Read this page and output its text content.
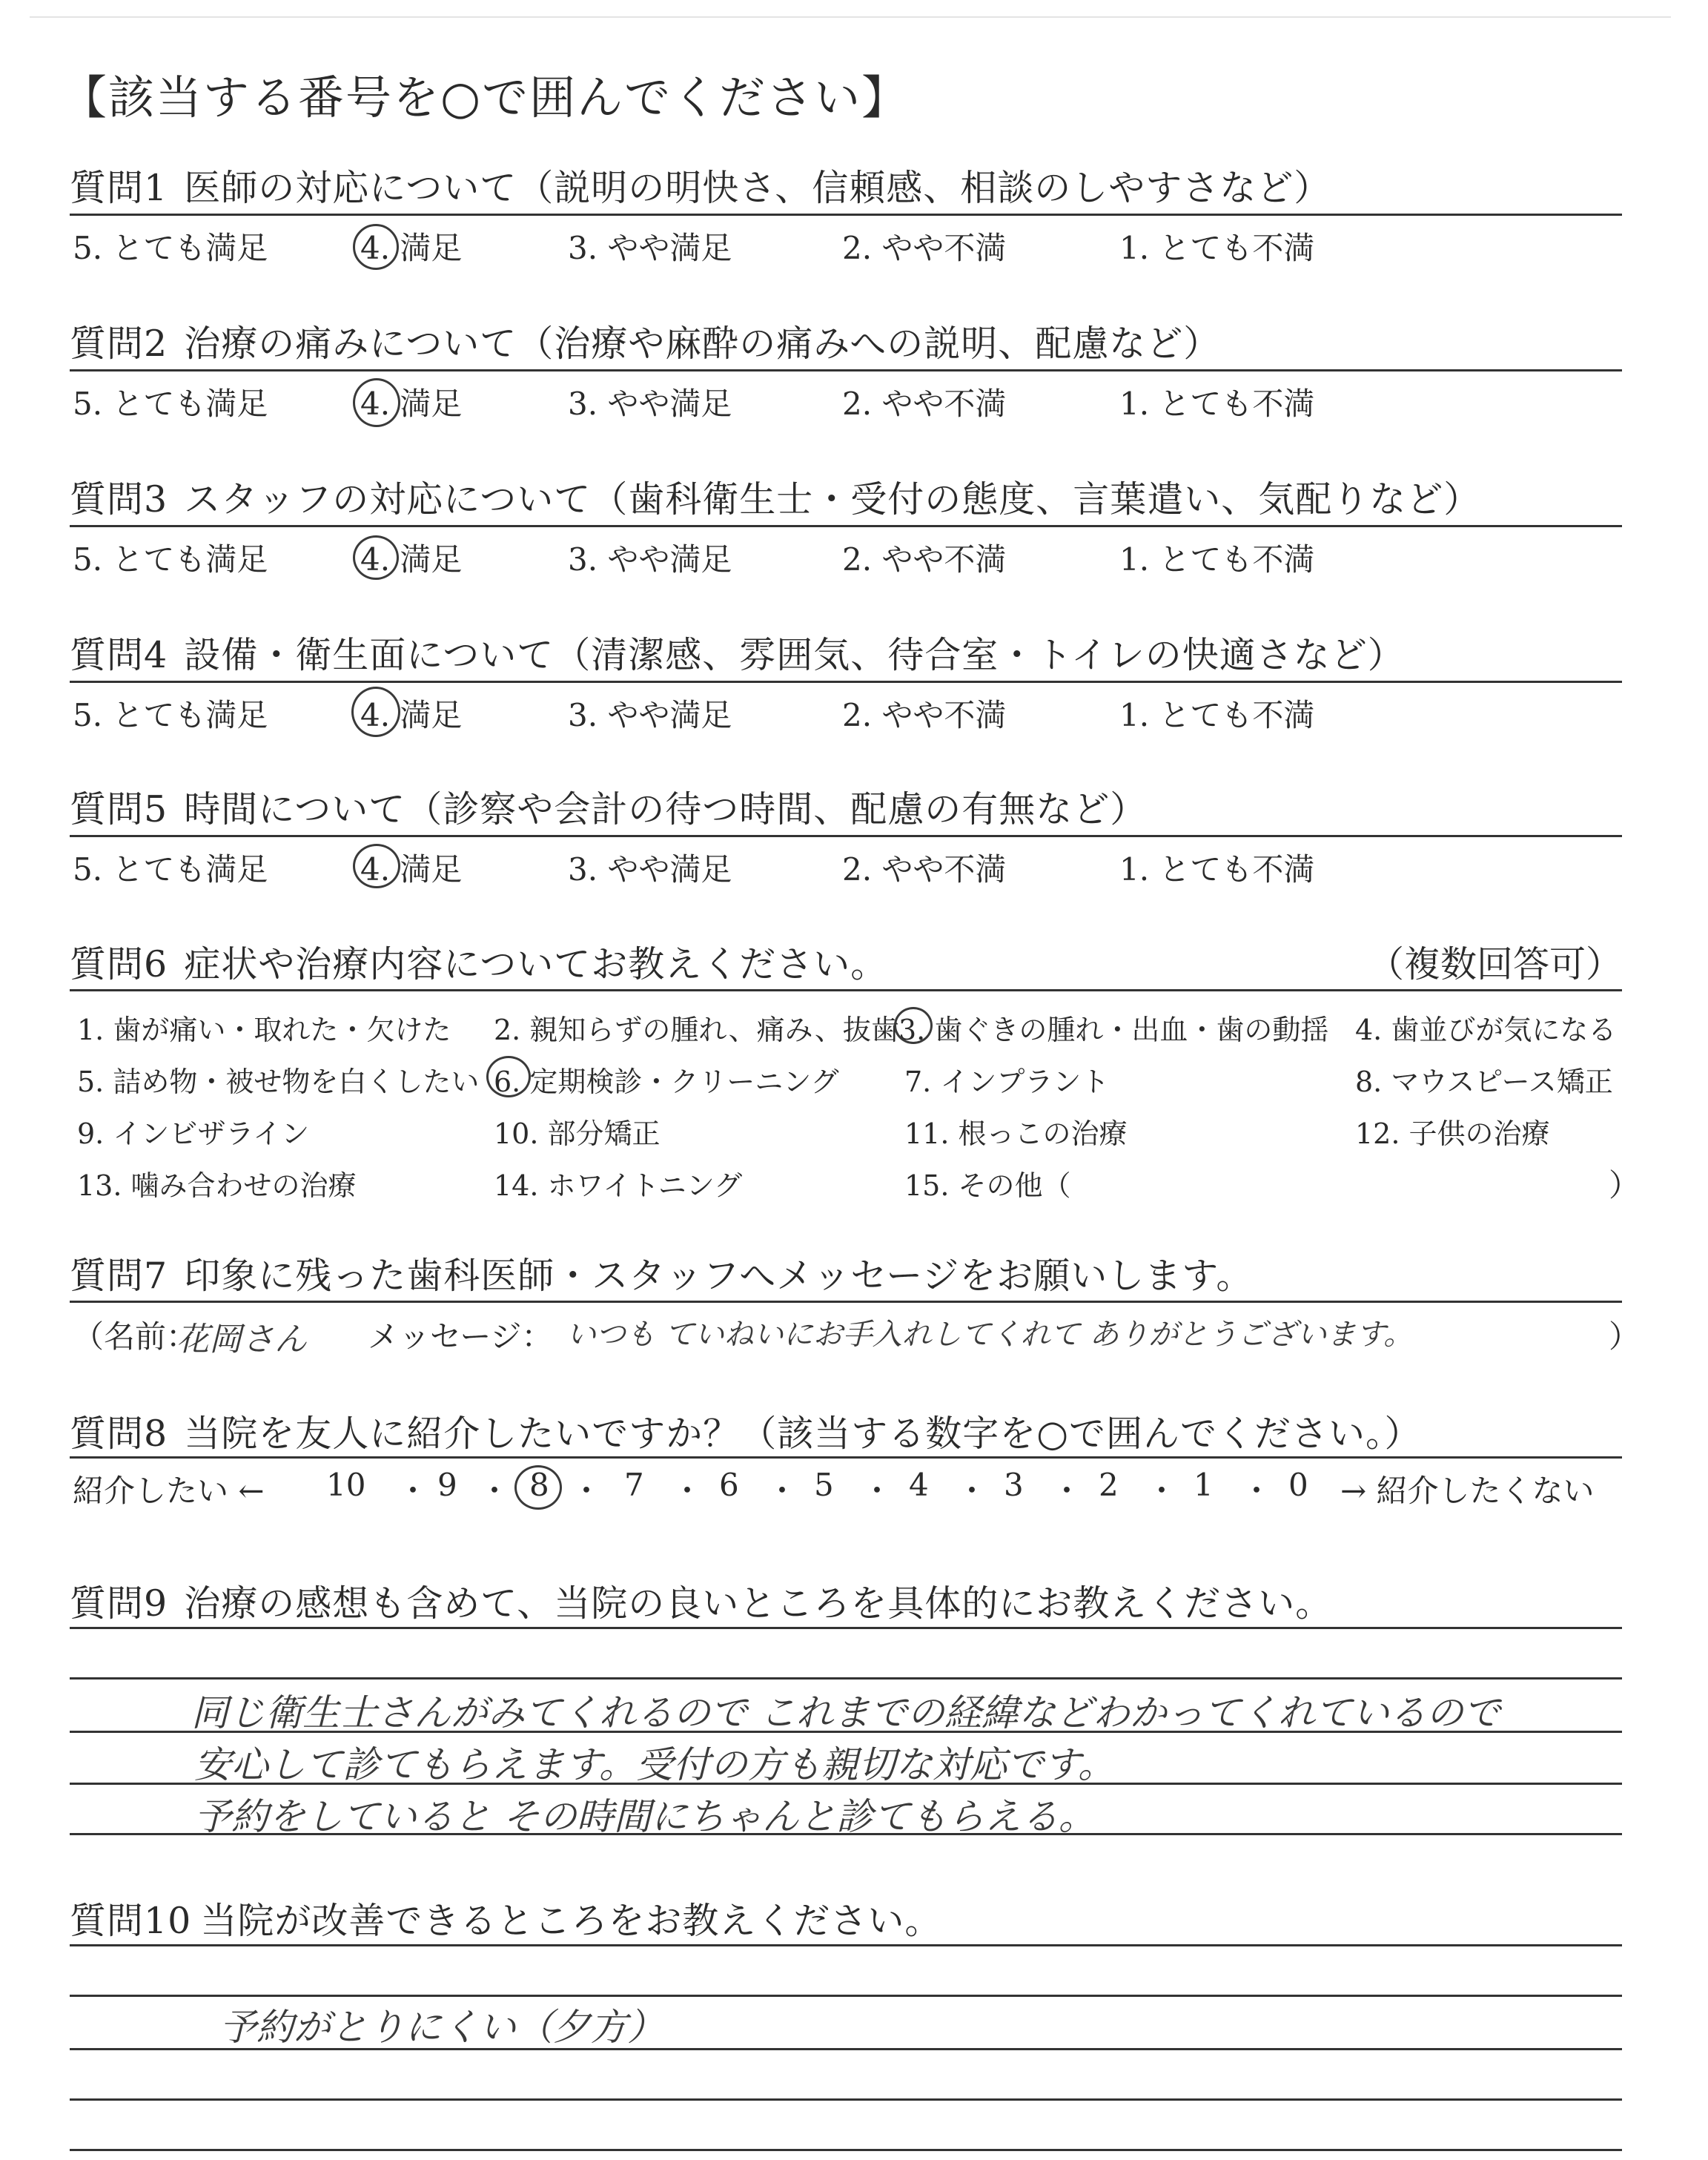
【該当する番号を○で囲んでください】
質問1 医師の対応について（説明の明快さ、信頼感、相談のしやすさなど）
5. とても満足	4. 満足	3. やや満足	2. やや不満	1. とても不満
質問2 治療の痛みについて（治療や麻酔の痛みへの説明、配慮など）
5. とても満足	4. 満足	3. やや満足	2. やや不満	1. とても不満
質問3 スタッフの対応について（歯科衛生士・受付の態度、言葉遣い、気配りなど）
5. とても満足	4. 満足	3. やや満足	2. やや不満	1. とても不満
質問4 設備・衛生面について（清潔感、雰囲気、待合室・トイレの快適さなど）
5. とても満足	4. 満足	3. やや満足	2. やや不満	1. とても不満
質問5 時間について（診察や会計の待つ時間、配慮の有無など）
5. とても満足	4. 満足	3. やや満足	2. やや不満	1. とても不満
質問6 症状や治療内容についてお教えください。	（複数回答可）
1. 歯が痛い・取れた・欠けた 2. 親知らずの腫れ、痛み、抜歯 3. 歯ぐきの腫れ・出血・歯の動揺 4. 歯並びが気になる
5. 詰め物・被せ物を白くしたい 6. 定期検診・クリーニング 7. インプラント	8. マウスピース矯正
9. インビザライン	10. 部分矯正	11. 根っこの治療	12. 子供の治療
13. 噛み合わせの治療	14. ホワイトニング	15. その他（	）
質問7 印象に残った歯科医師・スタッフへメッセージをお願いします。
（名前：
花岡さん メッセージ： いつも ていねいにお手入れしてくれて ありがとうございます。	）
質問8 当院を友人に紹介したいですか？（該当する数字を○で囲んでください。）
紹介したい ← 10 ・ 9 ・ 8 ・ 7 ・ 6 ・ 5 ・ 4 ・ 3 ・ 2 ・ 1 ・ 0 → 紹介したくない
質問9 治療の感想も含めて、当院の良いところを具体的にお教えください。
同じ衛生士さんがみてくれるので これまでの経緯などわかってくれているので
安心して診てもらえます。受付の方も親切な対応です。
予約をしていると その時間にちゃんと診てもらえる。
質問10 当院が改善できるところをお教えください。
予約がとりにくい（夕方）
